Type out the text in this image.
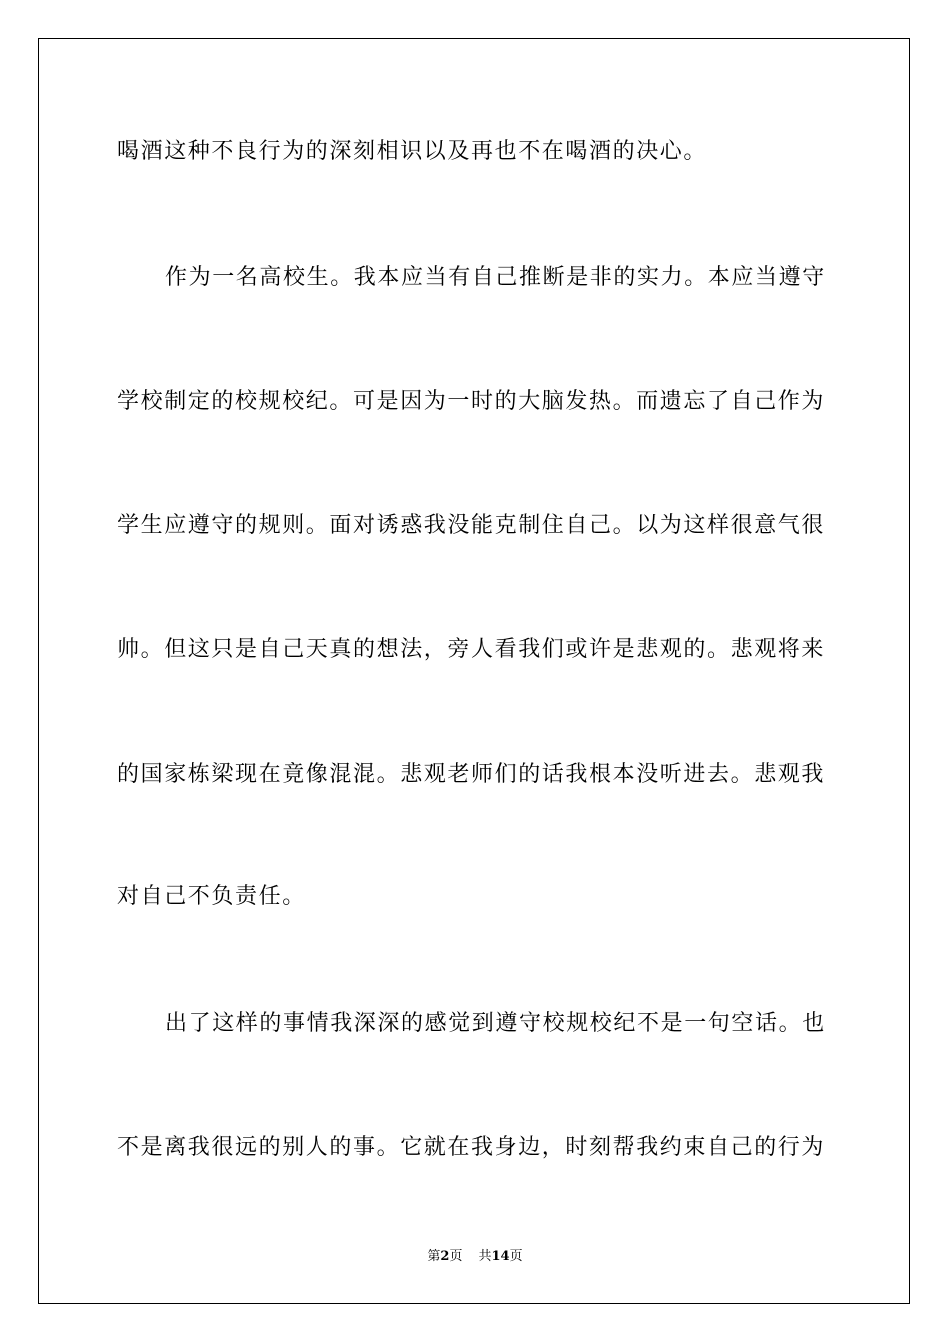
喝酒这种不良行为的深刻相识以及再也不在喝酒的决心。

作为一名高校生。我本应当有自己推断是非的实力。本应当遵守

学校制定的校规校纪。可是因为一时的大脑发热。而遗忘了自己作为

学生应遵守的规则。面对诱惑我没能克制住自己。以为这样很意气很

帅。但这只是自己天真的想法，旁人看我们或许是悲观的。悲观将来

的国家栋梁现在竟像混混。悲观老师们的话我根本没听进去。悲观我

对自己不负责任。

出了这样的事情我深深的感觉到遵守校规校纪不是一句空话。也

不是离我很远的别人的事。它就在我身边，时刻帮我约束自己的行为

第2页 共14页
